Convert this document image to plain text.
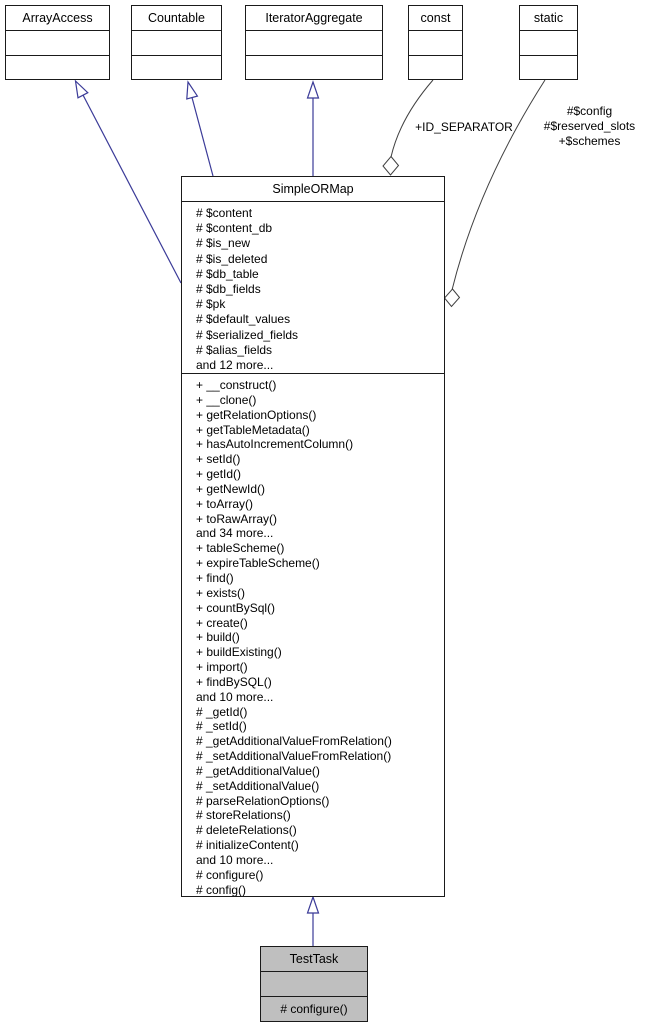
ArrayAccess	Countable	IteratorAggregate	const	static
SimpleORMap
# $content
# $content_db
# $is_new
# $is_deleted
# $db_table
# $db_fields
# $pk
# $default_values
# $serialized_fields
# $alias_fields
and 12 more...
+ __construct()
+ __clone()
+ getRelationOptions()
+ getTableMetadata()
+ hasAutoIncrementColumn()
+ setId()
+ getId()
+ getNewId()
+ toArray()
+ toRawArray()
and 34 more...
+ tableScheme()
+ expireTableScheme()
+ find()
+ exists()
+ countBySql()
+ create()
+ build()
+ buildExisting()
+ import()
+ findBySQL()
and 10 more...
# _getId()
# _setId()
# _getAdditionalValueFromRelation()
# _setAdditionalValueFromRelation()
# _getAdditionalValue()
# _setAdditionalValue()
# parseRelationOptions()
# storeRelations()
# deleteRelations()
# initializeContent()
and 10 more...
# configure()
# config()
TestTask
# configure()
+ID_SEPARATOR
#$config
#$reserved_slots
+$schemes
